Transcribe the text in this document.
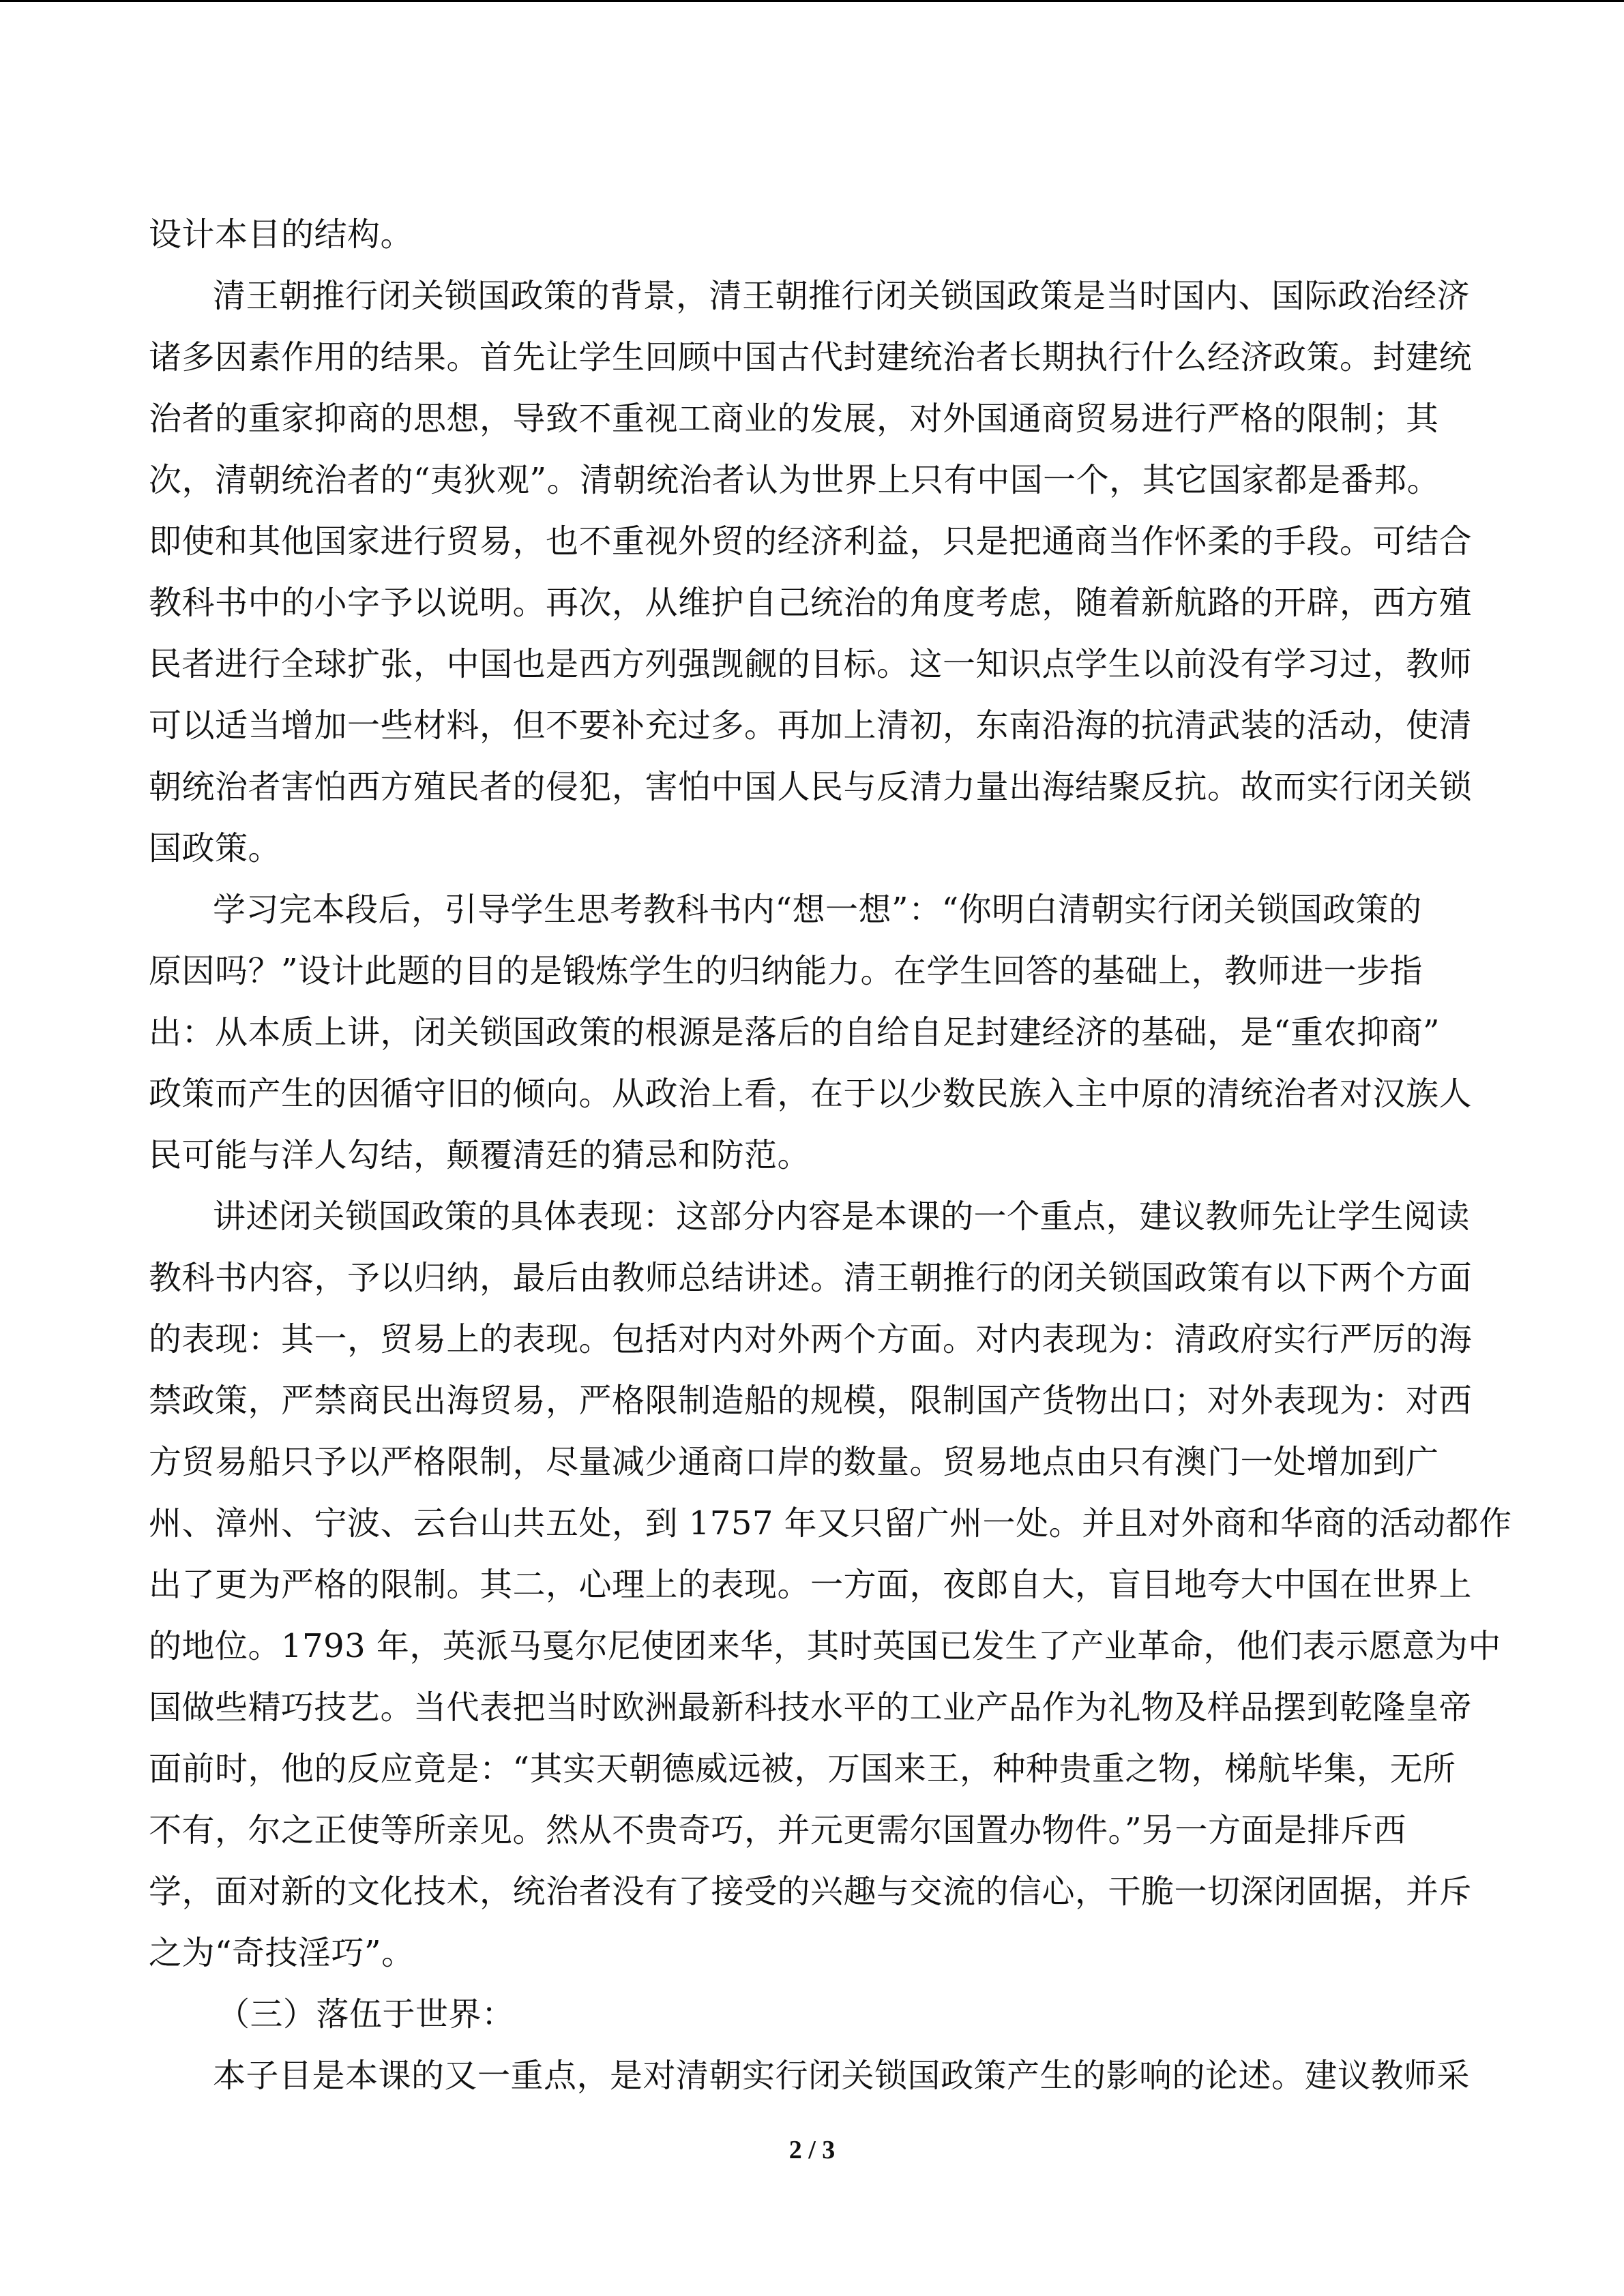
设计本目的结构。

清王朝推行闭关锁国政策的背景，清王朝推行闭关锁国政策是当时国内、国际政治经济

诸多因素作用的结果。首先让学生回顾中国古代封建统治者长期执行什么经济政策。封建统

治者的重家抑商的思想，导致不重视工商业的发展，对外国通商贸易进行严格的限制；其

次，清朝统治者的“夷狄观”。清朝统治者认为世界上只有中国一个，其它国家都是番邦。

即使和其他国家进行贸易，也不重视外贸的经济利益，只是把通商当作怀柔的手段。可结合

教科书中的小字予以说明。再次，从维护自己统治的角度考虑，随着新航路的开辟，西方殖

民者进行全球扩张，中国也是西方列强觊觎的目标。这一知识点学生以前没有学习过，教师

可以适当增加一些材料，但不要补充过多。再加上清初，东南沿海的抗清武装的活动，使清

朝统治者害怕西方殖民者的侵犯，害怕中国人民与反清力量出海结聚反抗。故而实行闭关锁

国政策。

学习完本段后，引导学生思考教科书内“想一想”：“你明白清朝实行闭关锁国政策的

原因吗？”设计此题的目的是锻炼学生的归纳能力。在学生回答的基础上，教师进一步指

出：从本质上讲，闭关锁国政策的根源是落后的自给自足封建经济的基础，是“重农抑商”

政策而产生的因循守旧的倾向。从政治上看，在于以少数民族入主中原的清统治者对汉族人

民可能与洋人勾结，颠覆清廷的猜忌和防范。

讲述闭关锁国政策的具体表现：这部分内容是本课的一个重点，建议教师先让学生阅读

教科书内容，予以归纳，最后由教师总结讲述。清王朝推行的闭关锁国政策有以下两个方面

的表现：其一，贸易上的表现。包括对内对外两个方面。对内表现为：清政府实行严厉的海

禁政策，严禁商民出海贸易，严格限制造船的规模，限制国产货物出口；对外表现为：对西

方贸易船只予以严格限制，尽量减少通商口岸的数量。贸易地点由只有澳门一处增加到广

州、漳州、宁波、云台山共五处，到 1757 年又只留广州一处。并且对外商和华商的活动都作

出了更为严格的限制。其二，心理上的表现。一方面，夜郎自大，盲目地夸大中国在世界上

的地位。1793 年，英派马戛尔尼使团来华，其时英国已发生了产业革命，他们表示愿意为中

国做些精巧技艺。当代表把当时欧洲最新科技水平的工业产品作为礼物及样品摆到乾隆皇帝

面前时，他的反应竟是：“其实天朝德威远被，万国来王，种种贵重之物，梯航毕集，无所

不有，尔之正使等所亲见。然从不贵奇巧，并元更需尔国置办物件。”另一方面是排斥西

学，面对新的文化技术，统治者没有了接受的兴趣与交流的信心，干脆一切深闭固据，并斥

之为“奇技淫巧”。

（三）落伍于世界：

本子目是本课的又一重点，是对清朝实行闭关锁国政策产生的影响的论述。建议教师采

2 / 3
